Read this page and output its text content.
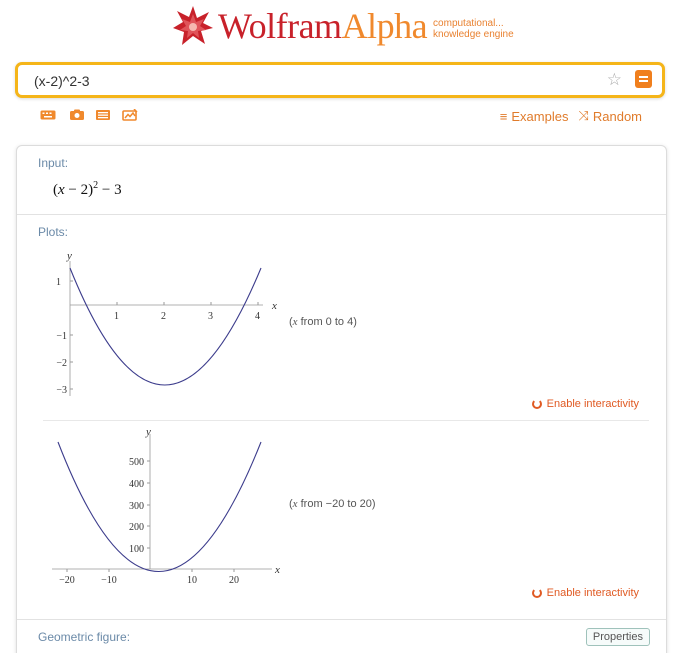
Wolfram Alpha computational...
knowledge engine
(x-2)^2-3
☆
≡ Examples ⤨ Random
Input:
$(x - 2)^2 - 3$
Plots:
x
y
1	2	3	4
1
−1
−2
−3
(x from 0 to 4)
Enable interactivity
x
y
−20	−10	10	20
100
200
300
400
500
(x from −20 to 20)
Enable interactivity
Geometric figure:	Properties
